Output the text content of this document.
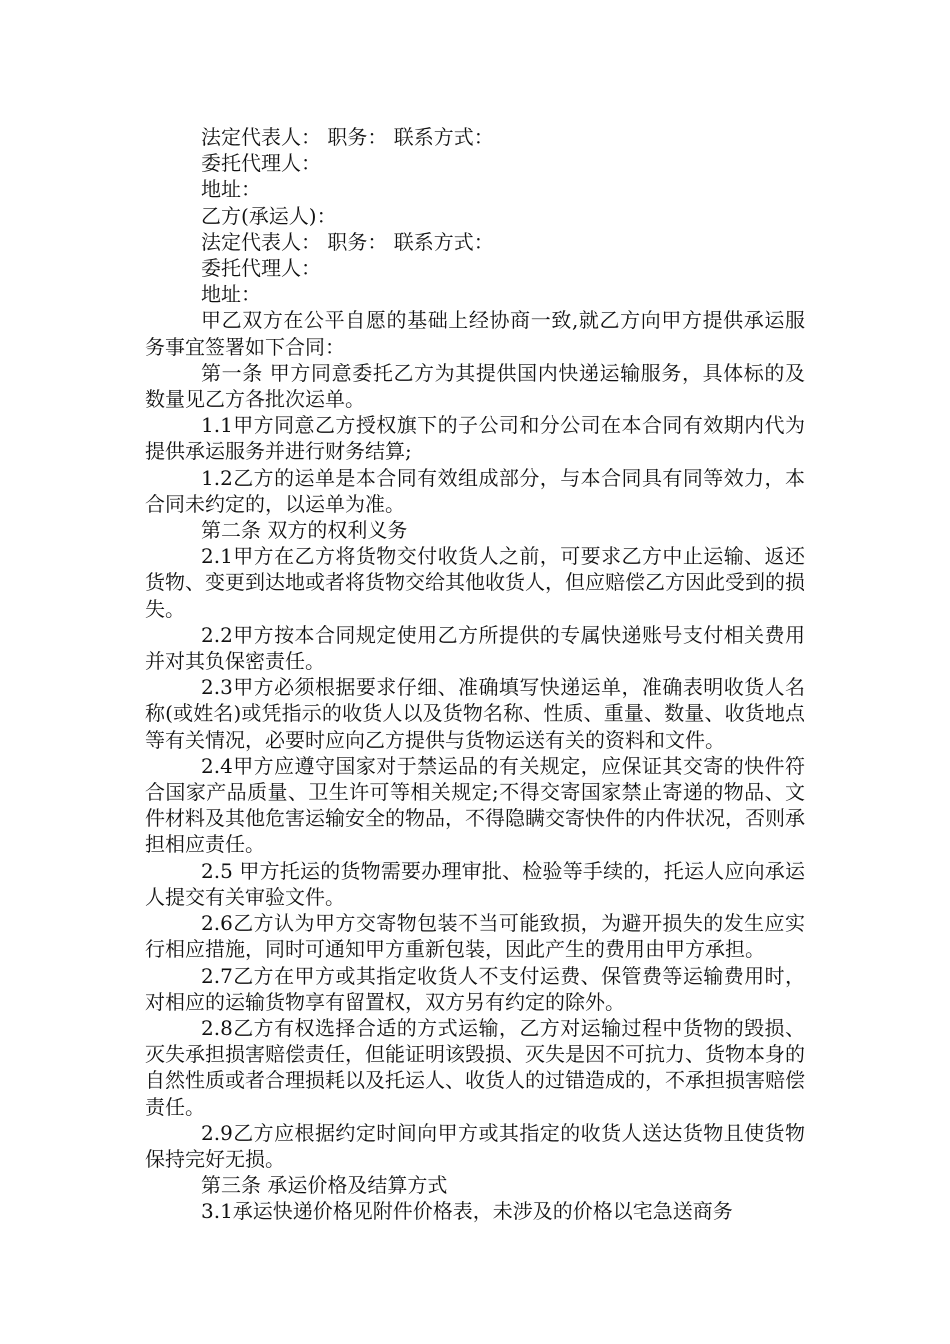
法定代表人： 职务： 联系方式：

委托代理人：

地址：

乙方(承运人)：

法定代表人： 职务： 联系方式：

委托代理人：

地址：

甲乙双方在公平自愿的基础上经协商一致,就乙方向甲方提供承运服务事宜签署如下合同：

第一条 甲方同意委托乙方为其提供国内快递运输服务，具体标的及数量见乙方各批次运单。

1.1甲方同意乙方授权旗下的子公司和分公司在本合同有效期内代为提供承运服务并进行财务结算;

1.2乙方的运单是本合同有效组成部分，与本合同具有同等效力，本合同未约定的，以运单为准。

第二条 双方的权利义务

2.1甲方在乙方将货物交付收货人之前，可要求乙方中止运输、返还货物、变更到达地或者将货物交给其他收货人，但应赔偿乙方因此受到的损失。

2.2甲方按本合同规定使用乙方所提供的专属快递账号支付相关费用并对其负保密责任。

2.3甲方必须根据要求仔细、准确填写快递运单，准确表明收货人名称(或姓名)或凭指示的收货人以及货物名称、性质、重量、数量、收货地点等有关情况，必要时应向乙方提供与货物运送有关的资料和文件。

2.4甲方应遵守国家对于禁运品的有关规定，应保证其交寄的快件符合国家产品质量、卫生许可等相关规定;不得交寄国家禁止寄递的物品、文件材料及其他危害运输安全的物品，不得隐瞒交寄快件的内件状况，否则承担相应责任。

2.5 甲方托运的货物需要办理审批、检验等手续的，托运人应向承运人提交有关审验文件。

2.6乙方认为甲方交寄物包装不当可能致损，为避开损失的发生应实行相应措施，同时可通知甲方重新包装，因此产生的费用由甲方承担。

2.7乙方在甲方或其指定收货人不支付运费、保管费等运输费用时，对相应的运输货物享有留置权，双方另有约定的除外。

2.8乙方有权选择合适的方式运输，乙方对运输过程中货物的毁损、灭失承担损害赔偿责任，但能证明该毁损、灭失是因不可抗力、货物本身的自然性质或者合理损耗以及托运人、收货人的过错造成的，不承担损害赔偿责任。

2.9乙方应根据约定时间向甲方或其指定的收货人送达货物且使货物保持完好无损。

第三条 承运价格及结算方式

3.1承运快递价格见附件价格表，未涉及的价格以宅急送商务
